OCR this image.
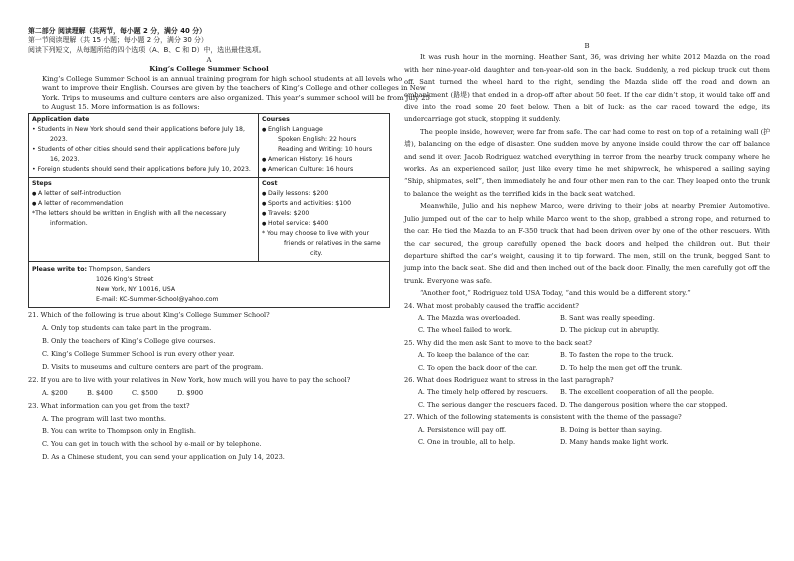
第二部分 阅读理解（共两节，每小题 2 分，满分 40 分）
第一节阅读理解（共 15 小题；每小题 2 分，满分 30 分）
阅读下列短文，从每题所给的四个选项（A、B、C 和 D）中，选出最佳选项。
A
King’s College Summer School
King’s College Summer School is an annual training program for high school students at all levels who
want to improve their English. Courses are given by the teachers of King’s College and other colleges in New
York. Trips to museums and culture centers are also organized. This year’s summer school will be from July 25
to August 15. More information is as follows:
Application date
• Students in New York should send their applications before July 18,
2023.
• Students of other cities should send their applications before July
16, 2023.
• Foreign students should send their applications before July 10, 2023.
Courses
● English Language
Spoken English: 22 hours
Reading and Writing: 10 hours
● American History: 16 hours
● American Culture: 16 hours
Steps
● A letter of self-introduction
● A letter of recommendation
*The letters should be written in English with all the necessary
information.
Cost
● Daily lessons: $200
● Sports and activities: $100
● Travels: $200
● Hotel service: $400
* You may choose to live with your
friends or relatives in the same
city.
Please write to: Thompson, Sanders
1026 King’s Street
New York, NY 10016, USA
E-mail: KC-Summer-School@yahoo.com
21. Which of the following is true about King’s College Summer School?
A. Only top students can take part in the program.
B. Only the teachers of King’s College give courses.
C. King’s College Summer School is run every other year.
D. Visits to museums and culture centers are part of the program.
22. If you are to live with your relatives in New York, how much will you have to pay the school?
A. $200	B. $400	C. $500	D. $900
23. What information can you get from the text?
A. The program will last two months.
B. You can write to Thompson only in English.
C. You can get in touch with the school by e-mail or by telephone.
D. As a Chinese student, you can send your application on July 14, 2023.
B

It was rush hour in the morning. Heather Sant, 36, was driving her white 2012 Mazda on the road with her nine-year-old daughter and ten-year-old son in the back. Suddenly, a red pickup truck cut them off. Sant turned the wheel hard to the right, sending the Mazda slide off the road and down an embankment (路堤) that ended in a drop-off after about 50 feet. If the car didn’t stop, it would take off and dive into the road some 20 feet below. Then a bit of luck: as the car raced toward the edge, its undercarriage got stuck, stopping it suddenly.

The people inside, however, were far from safe. The car had come to rest on top of a retaining wall (护墙), balancing on the edge of disaster. One sudden move by anyone inside could throw the car off balance and send it over. Jacob Rodriguez watched everything in terror from the nearby truck company where he works. As an experienced sailor, just like every time he met shipwreck, he whispered a sailing saying “Ship, shipmates, self”, then immediately he and four other men ran to the car. They leaped onto the trunk to balance the weight as the terrified kids in the back seat watched.

Meanwhile, Julio and his nephew Marco, were driving to their jobs at nearby Premier Automotive. Julio jumped out of the car to help while Marco went to the shop, grabbed a strong rope, and returned to the car. He tied the Mazda to an F-350 truck that had been driven over by one of the other rescuers. With the car secured, the group carefully opened the back doors and helped the children out. But their departure shifted the car’s weight, causing it to tip forward. The men, still on the trunk, begged Sant to jump into the back seat. She did and then inched out of the back door. Finally, the men carefully got off the trunk. Everyone was safe.

“Another foot,” Rodriguez told USA Today, “and this would be a different story.”

24. What most probably caused the traffic accident?
A. The Mazda was overloaded.	B. Sant was really speeding.
C. The wheel failed to work.	D. The pickup cut in abruptly.
25. Why did the men ask Sant to move to the back seat?
A. To keep the balance of the car.	B. To fasten the rope to the truck.
C. To open the back door of the car.	D. To help the men get off the trunk.
26. What does Rodriguez want to stress in the last paragraph?
A. The timely help offered by rescuers.	B. The excellent cooperation of all the people.
C. The serious danger the rescuers faced. D. The dangerous position where the car stopped.
27. Which of the following statements is consistent with the theme of the passage?
A. Persistence will pay off.	B. Doing is better than saying.
C. One in trouble, all to help.	D. Many hands make light work.
